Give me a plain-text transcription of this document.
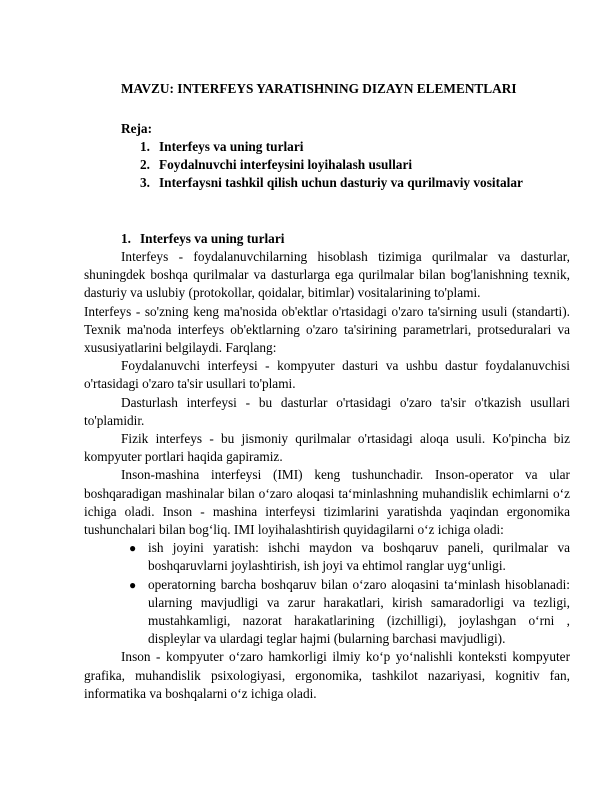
MAVZU: INTERFEYS YARATISHNING DIZAYN ELEMENTLARI
Reja:
1. Interfeys va uning turlari
2. Foydalnuvchi interfeysini loyihalash usullari
3. Interfaysni tashkil qilish uchun dasturiy va qurilmaviy vositalar
1. Interfeys va uning turlari

Interfeys - foydalanuvchilarning hisoblash tizimiga qurilmalar va dasturlar, shuningdek boshqa qurilmalar va dasturlarga ega qurilmalar bilan bog'lanishning texnik, dasturiy va uslubiy (protokollar, qoidalar, bitimlar) vositalarining to'plami.

Interfeys - so'zning keng ma'nosida ob'ektlar o'rtasidagi o'zaro ta'sirning usuli (standarti). Texnik ma'noda interfeys ob'ektlarning o'zaro ta'sirining parametrlari, protseduralari va xususiyatlarini belgilaydi. Farqlang:

Foydalanuvchi interfeysi - kompyuter dasturi va ushbu dastur foydalanuvchisi o'rtasidagi o'zaro ta'sir usullari to'plami.

Dasturlash interfeysi - bu dasturlar o'rtasidagi o'zaro ta'sir o'tkazish usullari to'plamidir.

Fizik interfeys - bu jismoniy qurilmalar o'rtasidagi aloqa usuli. Ko'pincha biz kompyuter portlari haqida gapiramiz.

Inson-mashina interfeysi (IMI) keng tushunchadir. Inson-operator va ular boshqaradigan mashinalar bilan o‘zaro aloqasi ta‘minlashning muhandislik echimlarni o‘z ichiga oladi. Inson - mashina interfeysi tizimlarini yaratishda yaqindan ergonomika tushunchalari bilan bog‘liq. IMI loyihalashtirish quyidagilarni o‘z ichiga oladi:

● ish joyini yaratish: ishchi maydon va boshqaruv paneli, qurilmalar va boshqaruvlarni joylashtirish, ish joyi va ehtimol ranglar uyg‘unligi.
● operatorning barcha boshqaruv bilan o‘zaro aloqasini ta‘minlash hisoblanadi: ularning mavjudligi va zarur harakatlari, kirish samaradorligi va tezligi, mustahkamligi, nazorat harakatlarining (izchilligi), joylashgan o‘rni , displeylar va ulardagi teglar hajmi (bularning barchasi mavjudligi).

Inson - kompyuter o‘zaro hamkorligi ilmiy ko‘p yo‘nalishli konteksti kompyuter grafika, muhandislik psixologiyasi, ergonomika, tashkilot nazariyasi, kognitiv fan, informatika va boshqalarni o‘z ichiga oladi.
